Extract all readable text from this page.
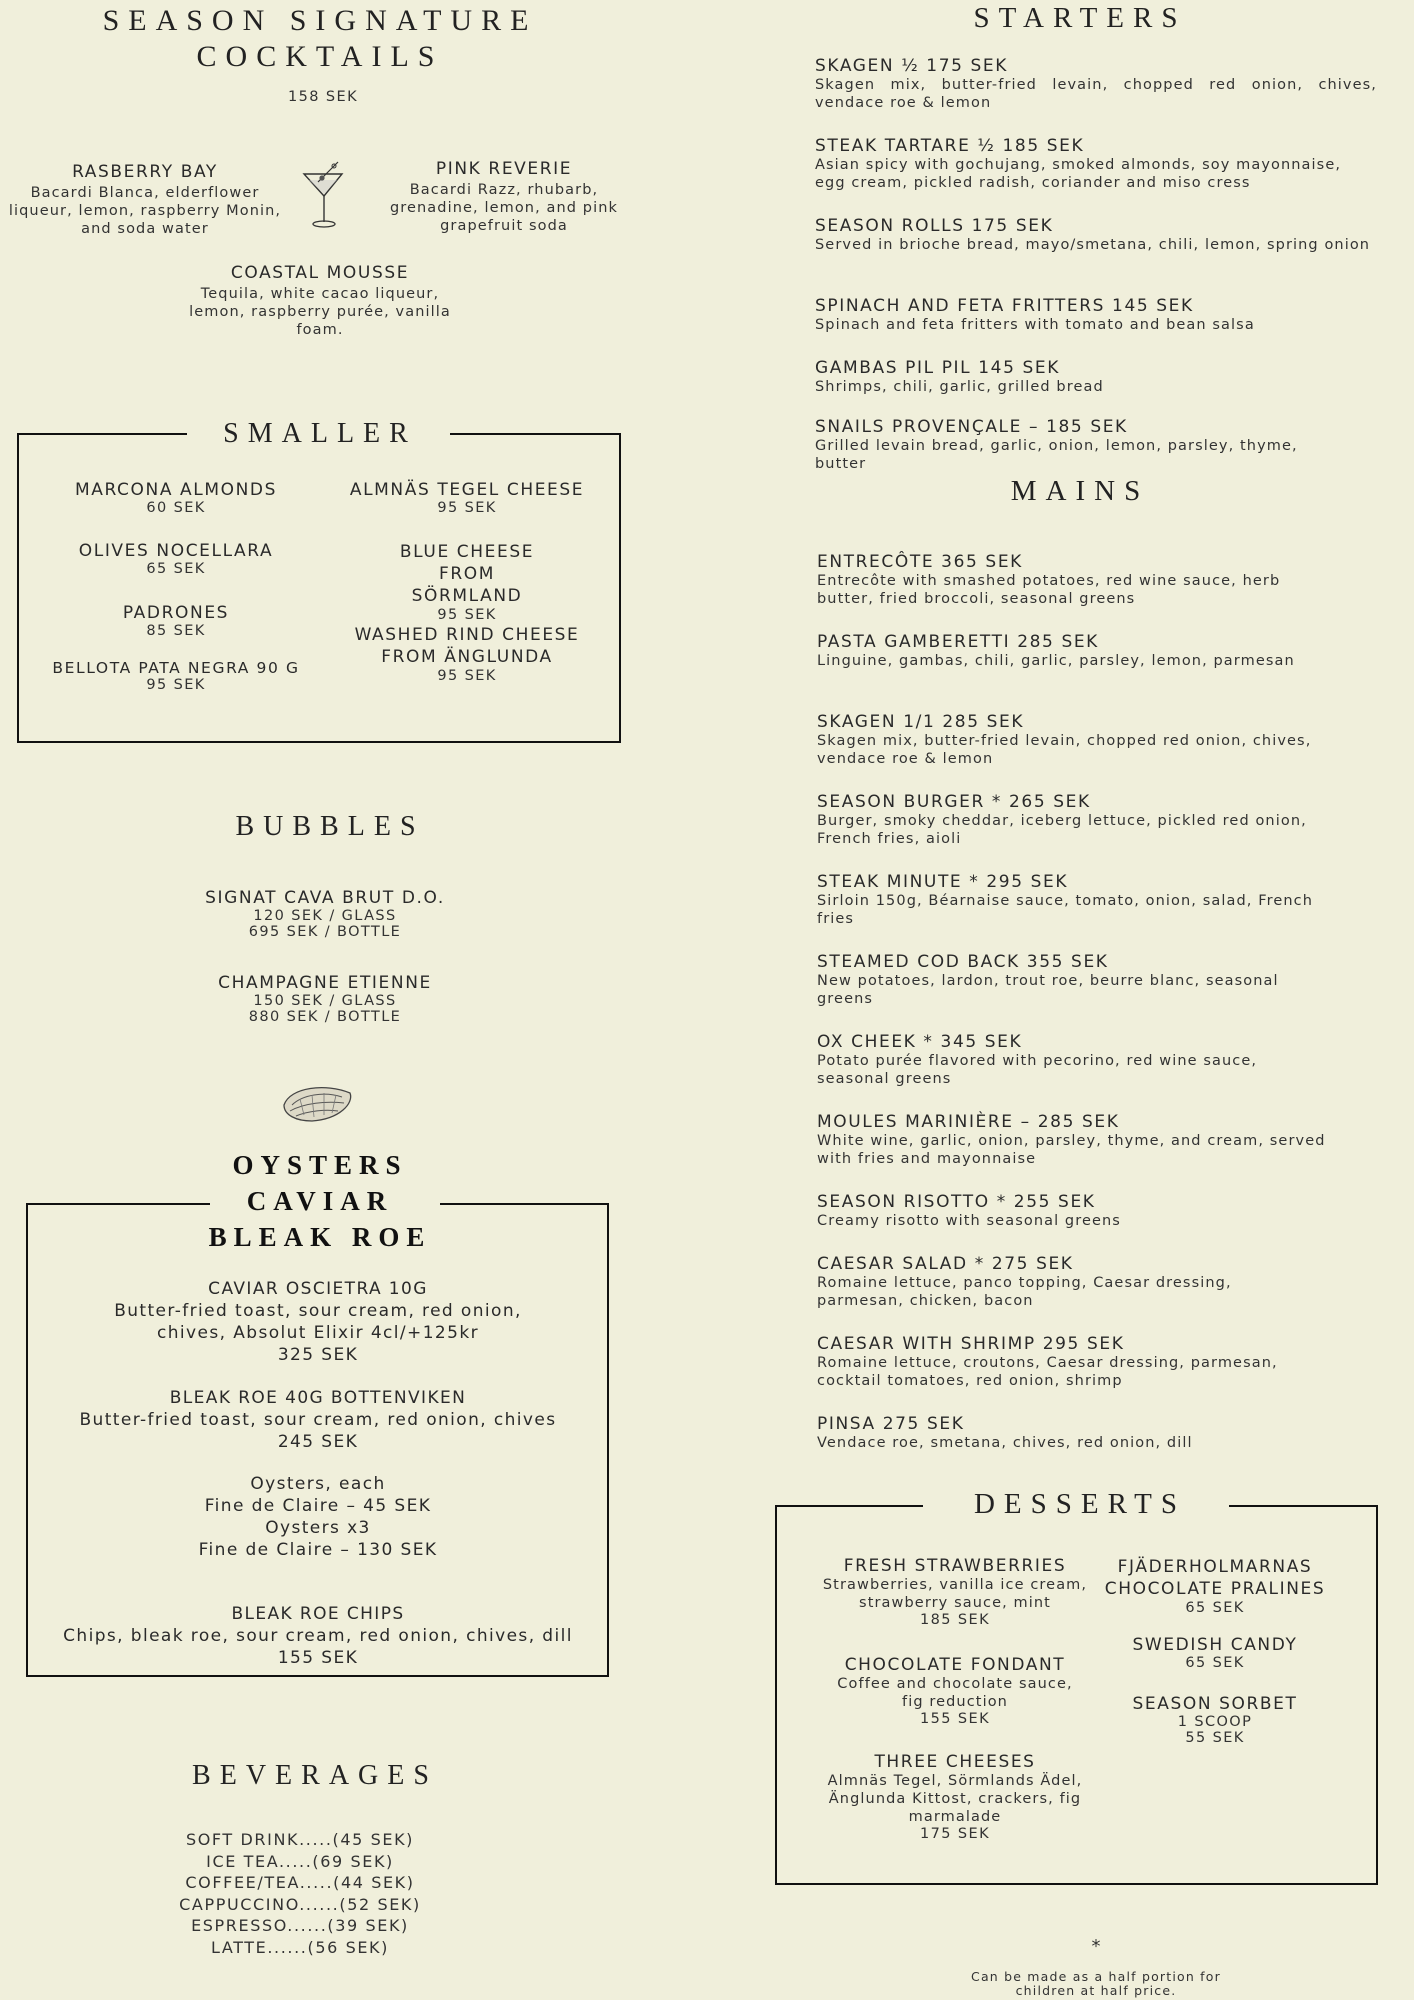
SEASON SIGNATURE
COCKTAILS
158 SEK
RASBERRY BAY
Bacardi Blanca, elderflower liqueur, lemon, raspberry Monin, and soda water
PINK REVERIE
Bacardi Razz, rhubarb, grenadine, lemon, and pink grapefruit soda
COASTAL MOUSSE
Tequila, white cacao liqueur, lemon, raspberry purée, vanilla foam.
SMALLER
MARCONA ALMONDS
60 SEK
OLIVES NOCELLARA
65 SEK
PADRONES
85 SEK
BELLOTA PATA NEGRA 90 G
95 SEK
ALMNÄS TEGEL CHEESE
95 SEK
BLUE CHEESE FROM SÖRMLAND
95 SEK
WASHED RIND CHEESE FROM ÄNGLUNDA
95 SEK
BUBBLES
SIGNAT CAVA BRUT D.O.
120 SEK / GLASS
695 SEK / BOTTLE
CHAMPAGNE ETIENNE
150 SEK / GLASS
880 SEK / BOTTLE
OYSTERS
CAVIAR
BLEAK ROE
CAVIAR OSCIETRA 10G
Butter-fried toast, sour cream, red onion, chives, Absolut Elixir 4cl/+125kr
325 SEK
BLEAK ROE 40G BOTTENVIKEN
Butter-fried toast, sour cream, red onion, chives
245 SEK
Oysters, each
Fine de Claire – 45 SEK
Oysters x3
Fine de Claire – 130 SEK
BLEAK ROE CHIPS
Chips, bleak roe, sour cream, red onion, chives, dill
155 SEK
BEVERAGES
SOFT DRINK.....(45 SEK)
ICE TEA.....(69 SEK)
COFFEE/TEA.....(44 SEK)
CAPPUCCINO......(52 SEK)
ESPRESSO......(39 SEK)
LATTE......(56 SEK)
STARTERS
SKAGEN ½ 175 SEK
Skagen mix, butter-fried levain, chopped red onion, chives, vendace roe & lemon
STEAK TARTARE ½ 185 SEK
Asian spicy with gochujang, smoked almonds, soy mayonnaise, egg cream, pickled radish, coriander and miso cress
SEASON ROLLS 175 SEK
Served in brioche bread, mayo/smetana, chili, lemon, spring onion
SPINACH AND FETA FRITTERS 145 SEK
Spinach and feta fritters with tomato and bean salsa
GAMBAS PIL PIL 145 SEK
Shrimps, chili, garlic, grilled bread
SNAILS PROVENÇALE – 185 SEK
Grilled levain bread, garlic, onion, lemon, parsley, thyme, butter
MAINS
ENTRECÔTE 365 SEK
Entrecôte with smashed potatoes, red wine sauce, herb butter, fried broccoli, seasonal greens
PASTA GAMBERETTI 285 SEK
Linguine, gambas, chili, garlic, parsley, lemon, parmesan
SKAGEN 1/1 285 SEK
Skagen mix, butter-fried levain, chopped red onion, chives, vendace roe & lemon
SEASON BURGER * 265 SEK
Burger, smoky cheddar, iceberg lettuce, pickled red onion, French fries, aioli
STEAK MINUTE * 295 SEK
Sirloin 150g, Béarnaise sauce, tomato, onion, salad, French fries
STEAMED COD BACK 355 SEK
New potatoes, lardon, trout roe, beurre blanc, seasonal greens
OX CHEEK * 345 SEK
Potato purée flavored with pecorino, red wine sauce, seasonal greens
MOULES MARINIÈRE – 285 SEK
White wine, garlic, onion, parsley, thyme, and cream, served with fries and mayonnaise
SEASON RISOTTO * 255 SEK
Creamy risotto with seasonal greens
CAESAR SALAD * 275 SEK
Romaine lettuce, panco topping, Caesar dressing, parmesan, chicken, bacon
CAESAR WITH SHRIMP 295 SEK
Romaine lettuce, croutons, Caesar dressing, parmesan, cocktail tomatoes, red onion, shrimp
PINSA 275 SEK
Vendace roe, smetana, chives, red onion, dill
DESSERTS
FRESH STRAWBERRIES
Strawberries, vanilla ice cream, strawberry sauce, mint
185 SEK
CHOCOLATE FONDANT
Coffee and chocolate sauce, fig reduction
155 SEK
THREE CHEESES
Almnäs Tegel, Sörmlands Ädel, Änglunda Kittost, crackers, fig marmalade
175 SEK
FJÄDERHOLMARNAS CHOCOLATE PRALINES
65 SEK
SWEDISH CANDY
65 SEK
SEASON SORBET
1 SCOOP
55 SEK
*
Can be made as a half portion for children at half price.
